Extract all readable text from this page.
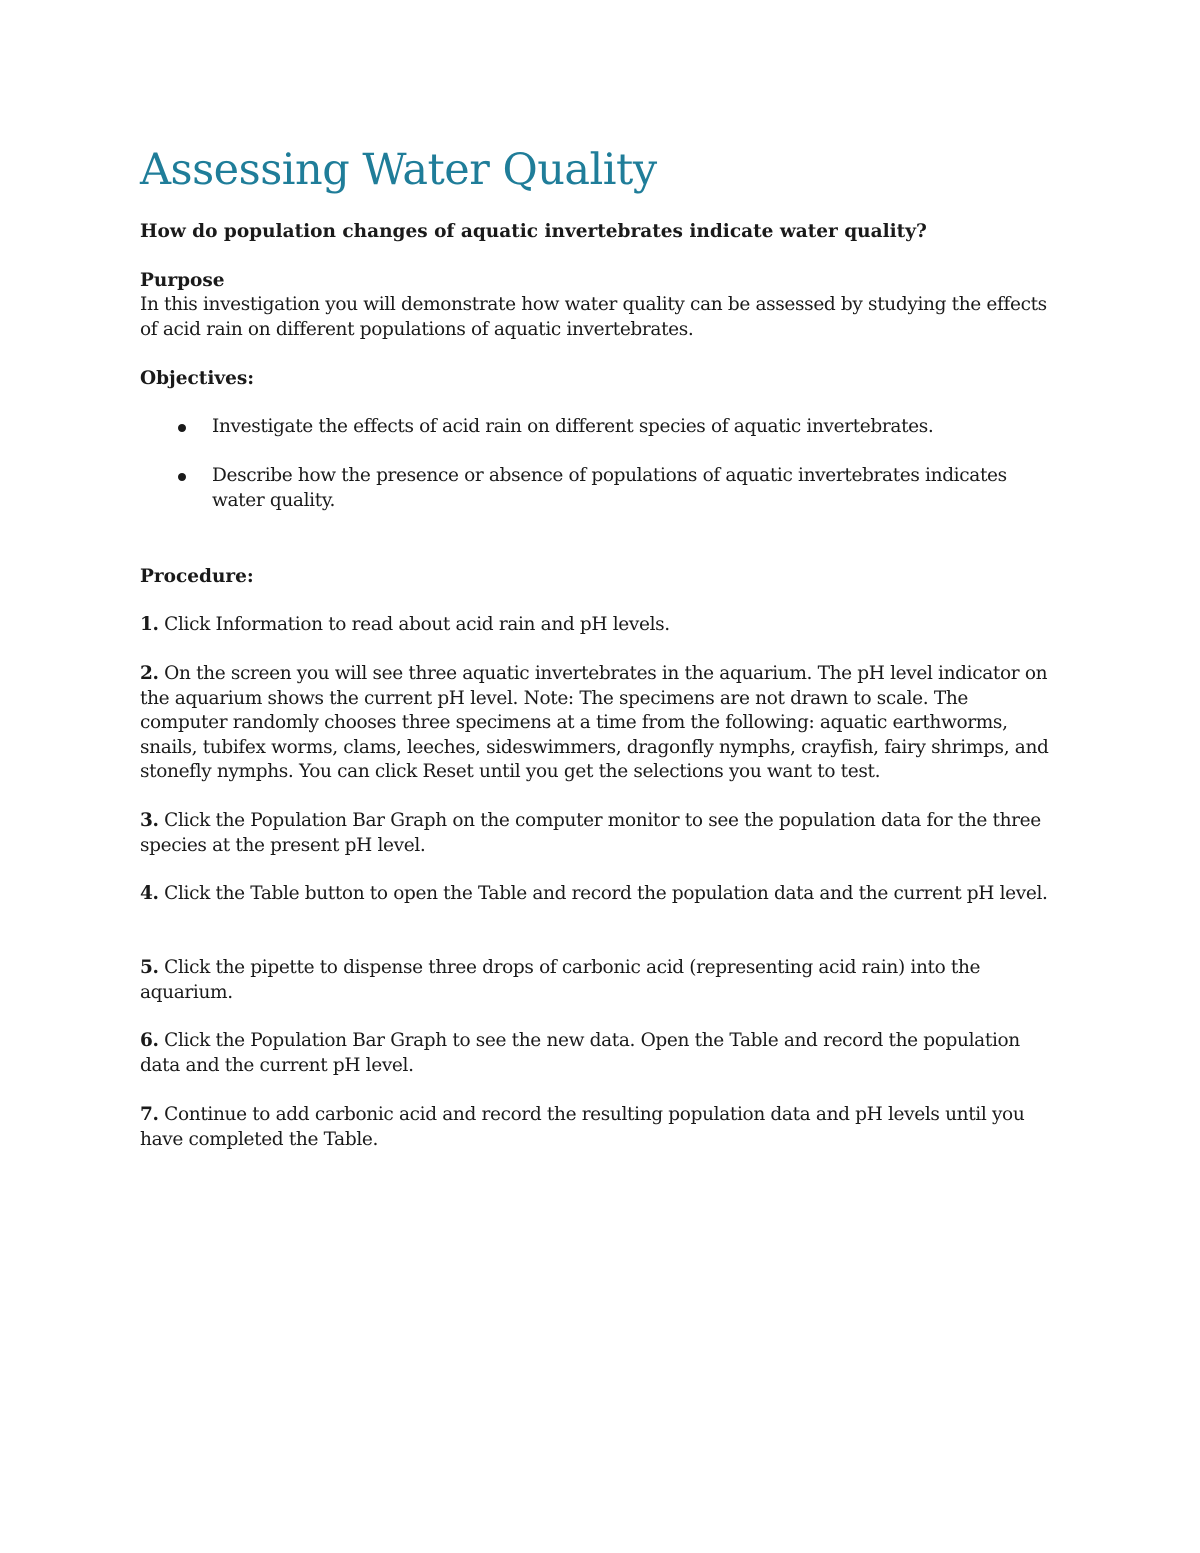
Assessing Water Quality

How do population changes of aquatic invertebrates indicate water quality?

Purpose

In this investigation you will demonstrate how water quality can be assessed by studying the effects of acid rain on different populations of aquatic invertebrates.

Objectives:

Investigate the effects of acid rain on different species of aquatic invertebrates.
Describe how the presence or absence of populations of aquatic invertebrates indicates water quality.

Procedure:

1. Click Information to read about acid rain and pH levels.

2. On the screen you will see three aquatic invertebrates in the aquarium. The pH level indicator on the aquarium shows the current pH level. Note: The specimens are not drawn to scale. The computer randomly chooses three specimens at a time from the following: aquatic earthworms, snails, tubifex worms, clams, leeches, sideswimmers, dragonfly nymphs, crayfish, fairy shrimps, and stonefly nymphs. You can click Reset until you get the selections you want to test.

3. Click the Population Bar Graph on the computer monitor to see the population data for the three species at the present pH level.

4. Click the Table button to open the Table and record the population data and the current pH level.

5. Click the pipette to dispense three drops of carbonic acid (representing acid rain) into the aquarium.

6. Click the Population Bar Graph to see the new data. Open the Table and record the population data and the current pH level.

7. Continue to add carbonic acid and record the resulting population data and pH levels until you have completed the Table.
